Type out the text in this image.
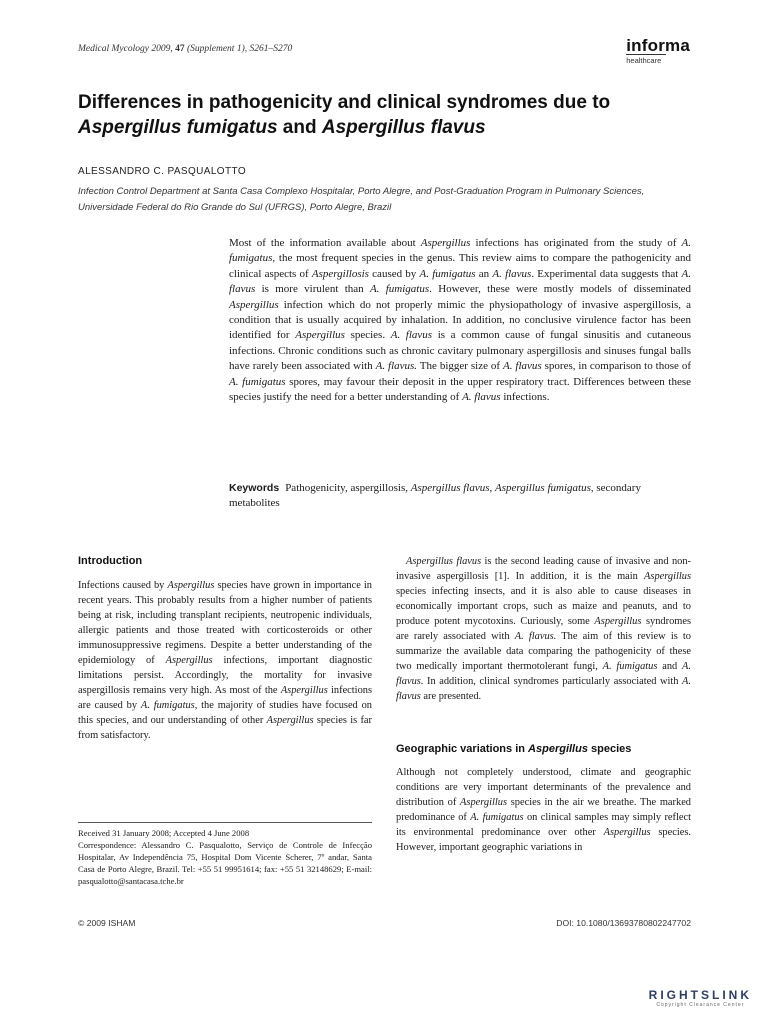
Medical Mycology 2009, 47 (Supplement 1), S261–S270	informa
healthcare
Differences in pathogenicity and clinical syndromes due to
Aspergillus fumigatus and Aspergillus flavus
ALESSANDRO C. PASQUALOTTO
Infection Control Department at Santa Casa Complexo Hospitalar, Porto Alegre, and Post-Graduation Program in Pulmonary Sciences, Universidade Federal do Rio Grande do Sul (UFRGS), Porto Alegre, Brazil
Most of the information available about Aspergillus infections has originated from the study of A. fumigatus, the most frequent species in the genus. This review aims to compare the pathogenicity and clinical aspects of Aspergillosis caused by A. fumigatus an A. flavus. Experimental data suggests that A. flavus is more virulent than A. fumigatus. However, these were mostly models of disseminated Aspergillus infection which do not properly mimic the physiopathology of invasive aspergillosis, a condition that is usually acquired by inhalation. In addition, no conclusive virulence factor has been identified for Aspergillus species. A. flavus is a common cause of fungal sinusitis and cutaneous infections. Chronic conditions such as chronic cavitary pulmonary aspergillosis and sinuses fungal balls have rarely been associated with A. flavus. The bigger size of A. flavus spores, in comparison to those of A. fumigatus spores, may favour their deposit in the upper respiratory tract. Differences between these species justify the need for a better understanding of A. flavus infections.
Keywords Pathogenicity, aspergillosis, Aspergillus flavus, Aspergillus fumigatus, secondary metabolites
Introduction

Infections caused by Aspergillus species have grown in importance in recent years. This probably results from a higher number of patients being at risk, including transplant recipients, neutropenic individuals, allergic patients and those treated with corticosteroids or other immunosuppressive regimens. Despite a better understanding of the epidemiology of Aspergillus infections, important diagnostic limitations persist. Accordingly, the mortality for invasive aspergillosis remains very high. As most of the Aspergillus infections are caused by A. fumigatus, the majority of studies have focused on this species, and our understanding of other Aspergillus species is far from satisfactory.

Aspergillus flavus is the second leading cause of invasive and non-invasive aspergillosis [1]. In addition, it is the main Aspergillus species infecting insects, and it is also able to cause diseases in economically important crops, such as maize and peanuts, and to produce potent mycotoxins. Curiously, some Aspergillus syndromes are rarely associated with A. flavus. The aim of this review is to summarize the available data comparing the pathogenicity of these two medically important thermotolerant fungi, A. fumigatus and A. flavus. In addition, clinical syndromes particularly associated with A. flavus are presented.

Geographic variations in Aspergillus species

Although not completely understood, climate and geographic conditions are very important determinants of the prevalence and distribution of Aspergillus species in the air we breathe. The marked predominance of A. fumigatus on clinical samples may simply reflect its environmental predominance over other Aspergillus species. However, important geographic variations in

Received 31 January 2008; Accepted 4 June 2008

Correspondence: Alessandro C. Pasqualotto, Serviço de Controle de Infecção Hospitalar, Av Independência 75, Hospital Dom Vicente Scherer, 7º andar, Santa Casa de Porto Alegre, Brazil. Tel: +55 51 99951614; fax: +55 51 32148629; E-mail: pasqualotto@santacasa.tche.br

© 2009 ISHAM	DOI: 10.1080/13693780802247702
RIGHTSLINK
Copyright Clearance Center
